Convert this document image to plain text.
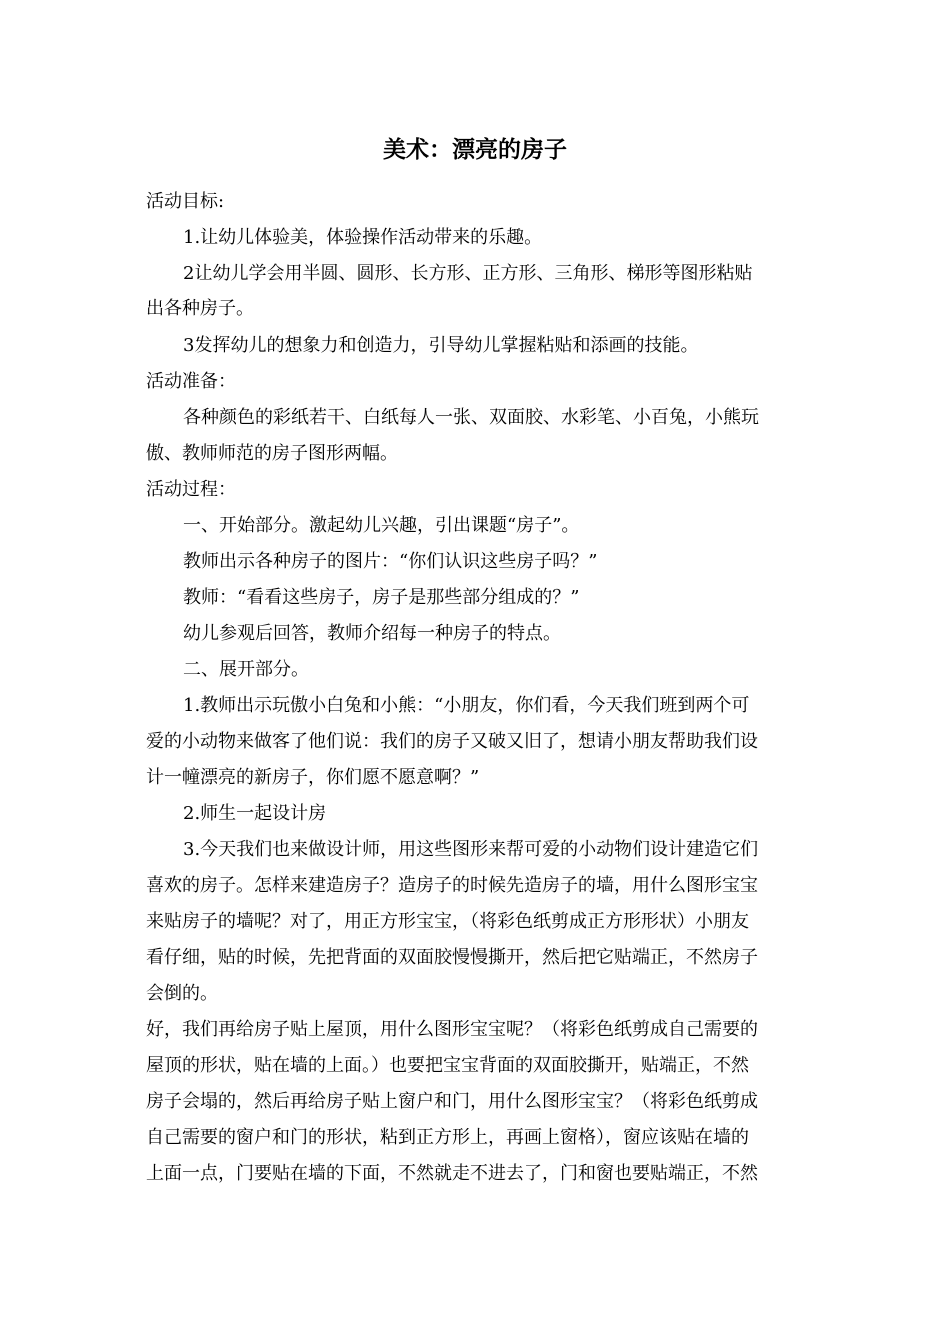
美术：漂亮的房子
活动目标:
1.让幼儿体验美，体验操作活动带来的乐趣。
2让幼儿学会用半圆、圆形、长方形、正方形、三角形、梯形等图形粘贴
出各种房子。
3发挥幼儿的想象力和创造力，引导幼儿掌握粘贴和添画的技能。
活动准备：
各种颜色的彩纸若干、白纸每人一张、双面胶、水彩笔、小百兔，小熊玩
傲、教师师范的房子图形两幅。
活动过程：
一、开始部分。激起幼儿兴趣，引出课题“房子”。
教师出示各种房子的图片：“你们认识这些房子吗？”
教师：“看看这些房子，房子是那些部分组成的？”
幼儿参观后回答，教师介绍每一种房子的特点。
二、展开部分。
1.教师出示玩傲小白兔和小熊：“小朋友，你们看，今天我们班到两个可
爱的小动物来做客了他们说：我们的房子又破又旧了，想请小朋友帮助我们设
计一幢漂亮的新房子，你们愿不愿意啊？”
2.师生一起设计房
3.今天我们也来做设计师，用这些图形来帮可爱的小动物们设计建造它们
喜欢的房子。怎样来建造房子？造房子的时候先造房子的墙，用什么图形宝宝
来贴房子的墙呢？对了，用正方形宝宝，（将彩色纸剪成正方形形状）小朋友
看仔细，贴的时候，先把背面的双面胶慢慢撕开，然后把它贴端正，不然房子
会倒的。
好，我们再给房子贴上屋顶，用什么图形宝宝呢？（将彩色纸剪成自己需要的
屋顶的形状，贴在墙的上面。）也要把宝宝背面的双面胶撕开，贴端正，不然
房子会塌的，然后再给房子贴上窗户和门，用什么图形宝宝？（将彩色纸剪成
自己需要的窗户和门的形状，粘到正方形上，再画上窗格），窗应该贴在墙的
上面一点，门要贴在墙的下面，不然就走不进去了，门和窗也要贴端正，不然
